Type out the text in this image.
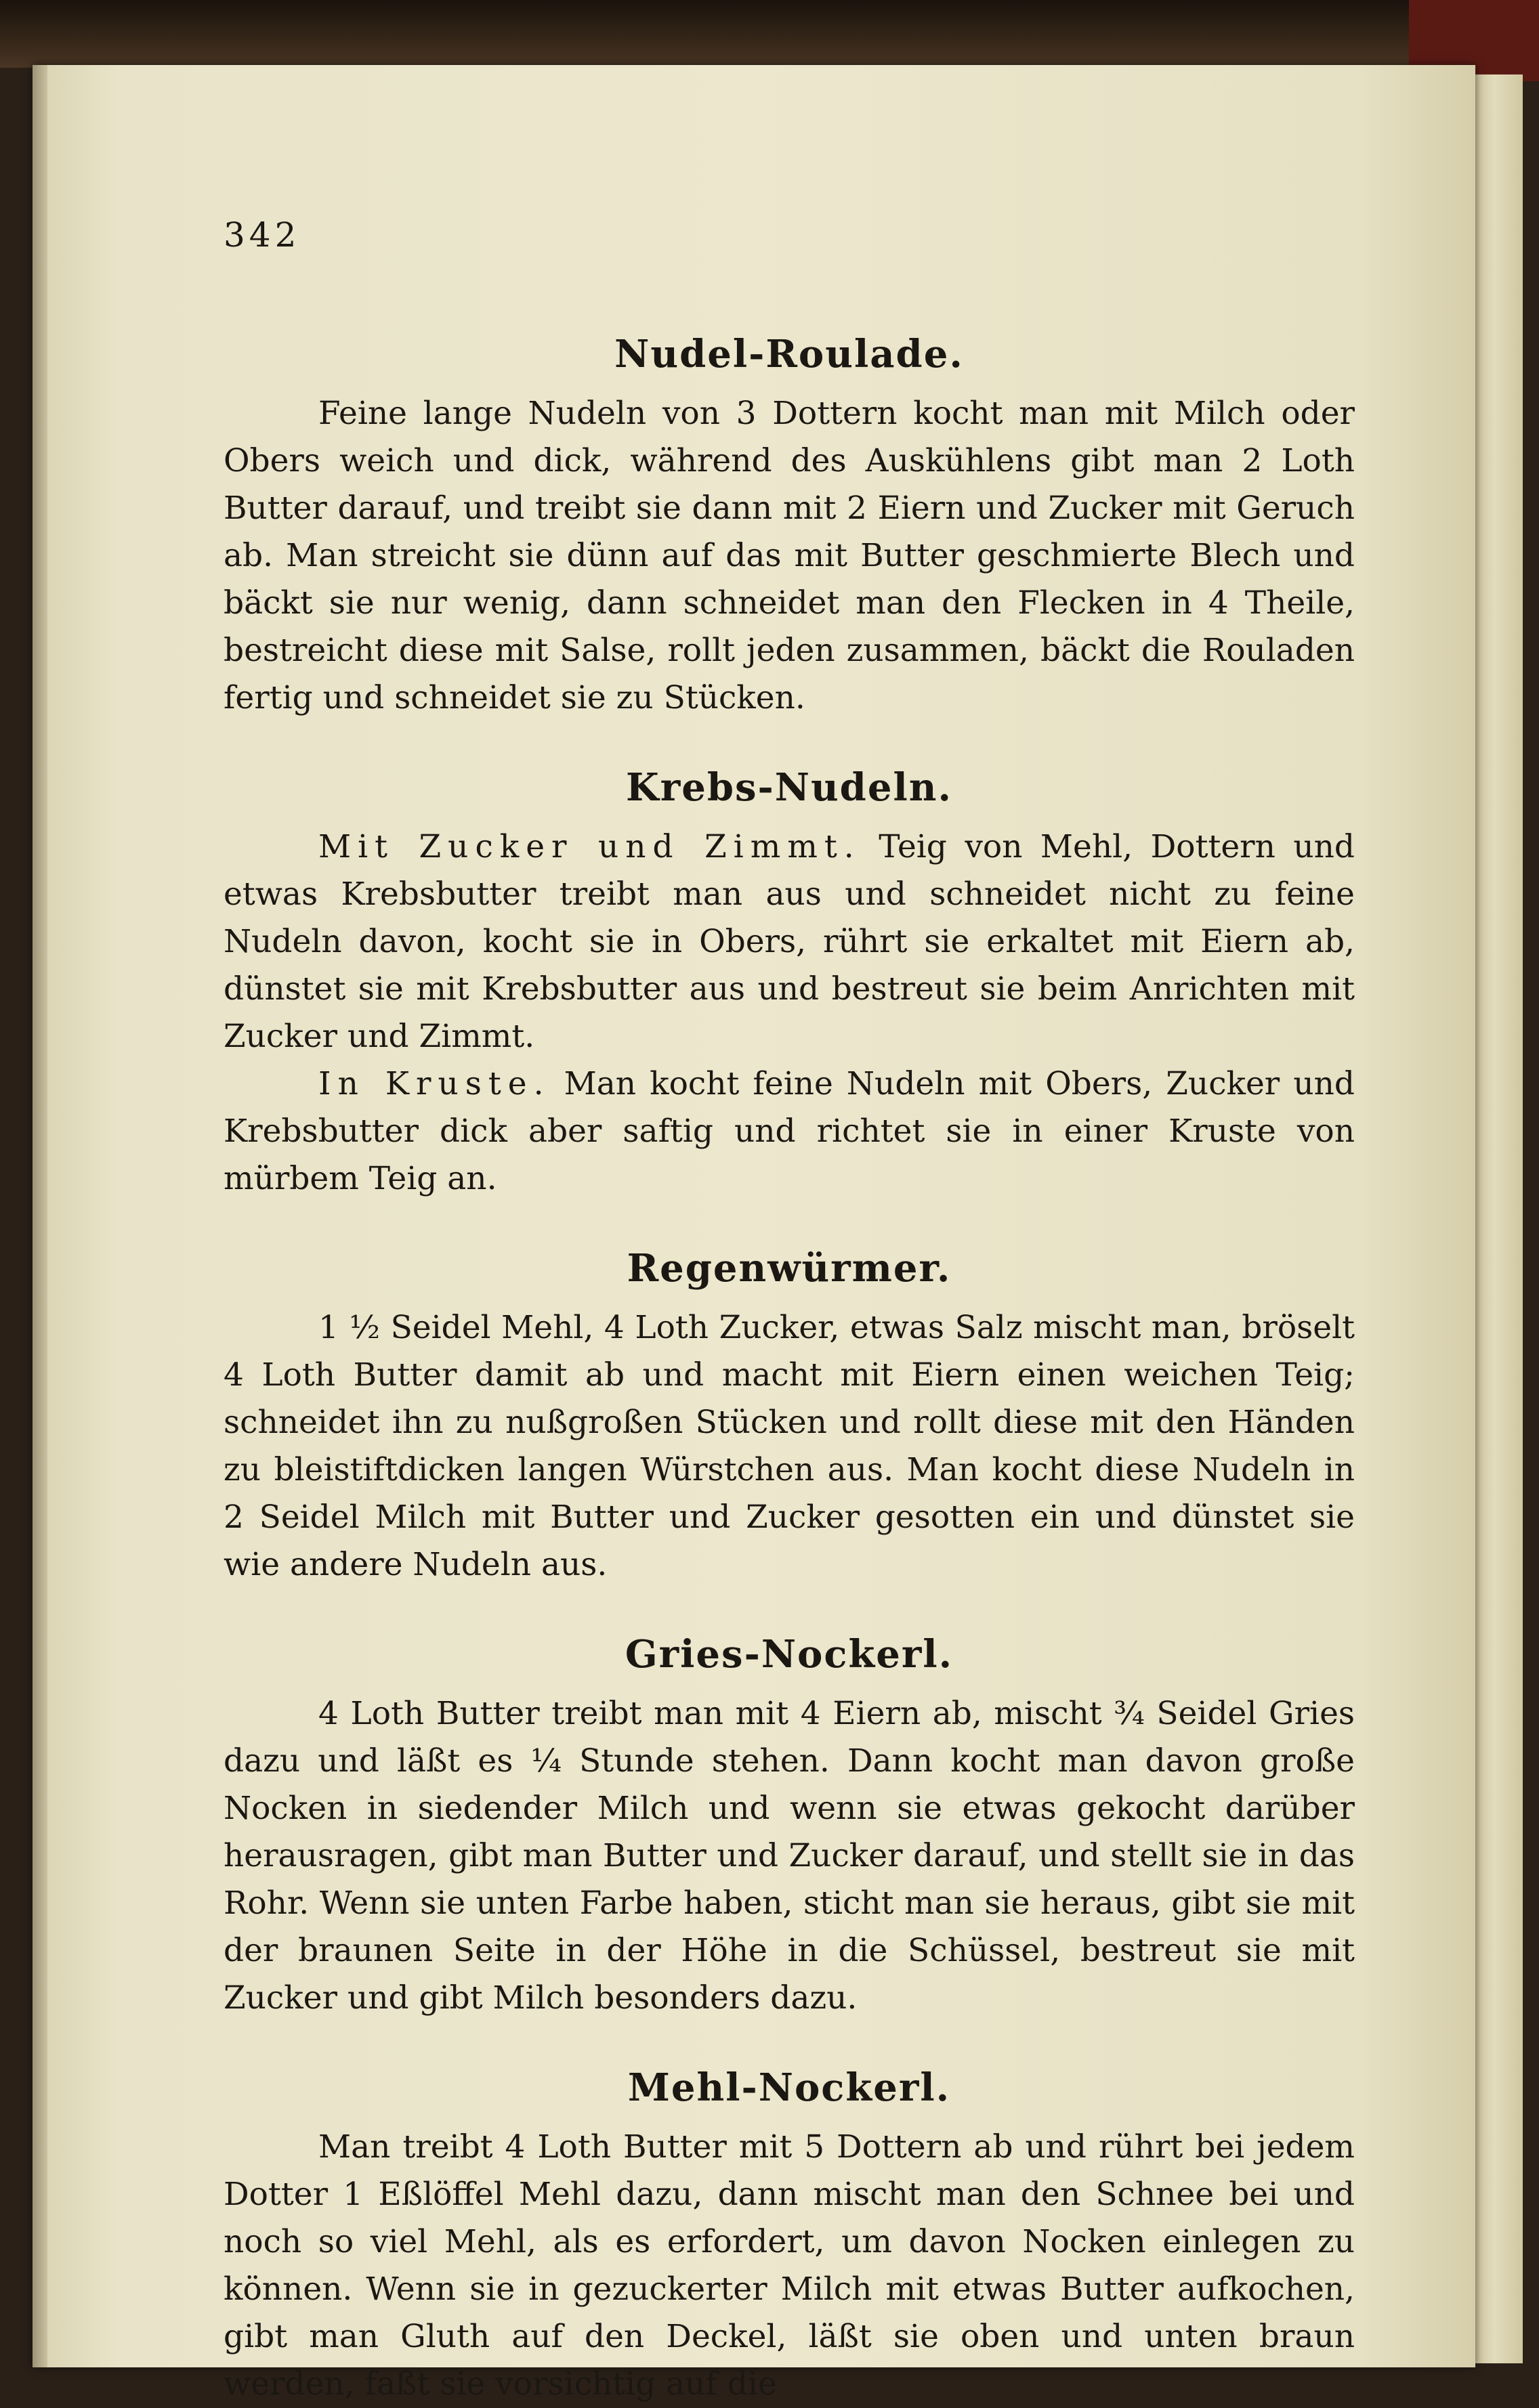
342
Nudel-Roulade.

Feine lange Nudeln von 3 Dottern kocht man mit Milch oder Obers weich und dick, während des Auskühlens gibt man 2 Loth Butter darauf, und treibt sie dann mit 2 Eiern und Zucker mit Geruch ab. Man streicht sie dünn auf das mit Butter geschmierte Blech und bäckt sie nur wenig, dann schneidet man den Flecken in 4 Theile, bestreicht diese mit Salse, rollt jeden zusammen, bäckt die Rouladen fertig und schneidet sie zu Stücken.

Krebs-Nudeln.

Mit Zucker und Zimmt. Teig von Mehl, Dottern und etwas Krebsbutter treibt man aus und schneidet nicht zu feine Nudeln davon, kocht sie in Obers, rührt sie erkaltet mit Eiern ab, dünstet sie mit Krebsbutter aus und bestreut sie beim Anrichten mit Zucker und Zimmt.

In Kruste. Man kocht feine Nudeln mit Obers, Zucker und Krebsbutter dick aber saftig und richtet sie in einer Kruste von mürbem Teig an.

Regenwürmer.

1 ½ Seidel Mehl, 4 Loth Zucker, etwas Salz mischt man, bröselt 4 Loth Butter damit ab und macht mit Eiern einen weichen Teig; schneidet ihn zu nußgroßen Stücken und rollt diese mit den Händen zu bleistiftdicken langen Würstchen aus. Man kocht diese Nudeln in 2 Seidel Milch mit Butter und Zucker gesotten ein und dünstet sie wie andere Nudeln aus.

Gries-Nockerl.

4 Loth Butter treibt man mit 4 Eiern ab, mischt ¾ Seidel Gries dazu und läßt es ¼ Stunde stehen. Dann kocht man davon große Nocken in siedender Milch und wenn sie etwas gekocht darüber herausragen, gibt man Butter und Zucker darauf, und stellt sie in das Rohr. Wenn sie unten Farbe haben, sticht man sie heraus, gibt sie mit der braunen Seite in der Höhe in die Schüssel, bestreut sie mit Zucker und gibt Milch besonders dazu.

Mehl-Nockerl.

Man treibt 4 Loth Butter mit 5 Dottern ab und rührt bei jedem Dotter 1 Eßlöffel Mehl dazu, dann mischt man den Schnee bei und noch so viel Mehl, als es erfordert, um davon Nocken einlegen zu können. Wenn sie in gezuckerter Milch mit etwas Butter aufkochen, gibt man Gluth auf den Deckel, läßt sie oben und unten braun werden, faßt sie vorsichtig auf die
